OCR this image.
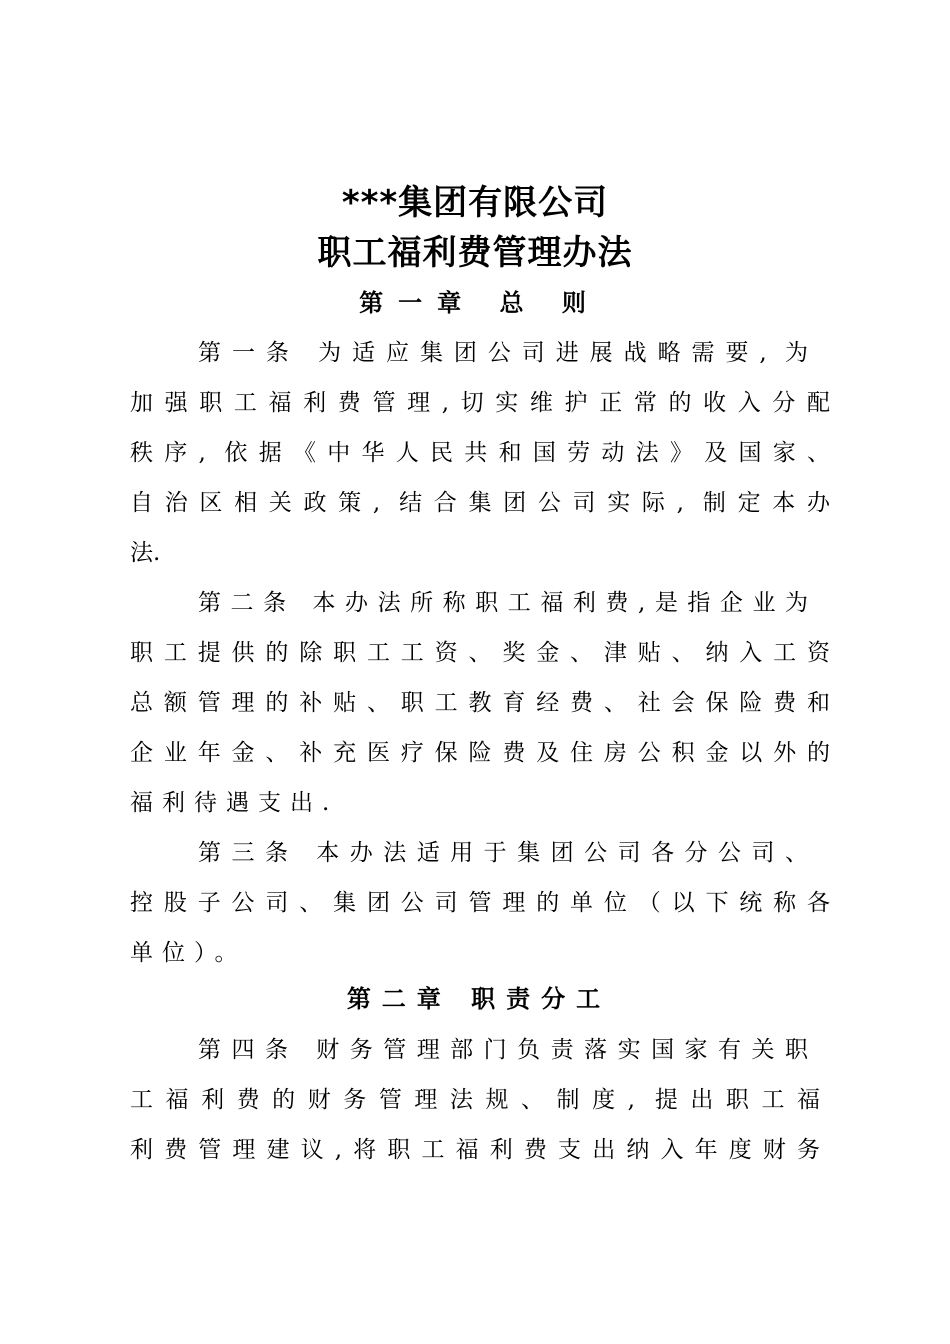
***集团有限公司
职工福利费管理办法
第一章 总 则
第一条 为适应集团公司进展战略需要, 为
加强职工福利费管理,切实维护正常的收入分配
秩序, 依据《中华人民共和国劳动法》及国家、
自治区相关政策, 结合集团公司实际, 制定本办
法.
第二条 本办法所称职工福利费,是指企业为
职工提供的除职工工资、奖金、津贴、纳入工资
总额管理的补贴、职工教育经费、社会保险费和
企业年金、补充医疗保险费及住房公积金以外的
福利待遇支出.
第三条 本办法适用于集团公司各分公司、
控股子公司、集团公司管理的单位（以下统称各
单位）。
第二章 职责分工
第四条 财务管理部门负责落实国家有关职
工福利费的财务管理法规、制度, 提出职工福
利费管理建议,将职工福利费支出纳入年度财务
